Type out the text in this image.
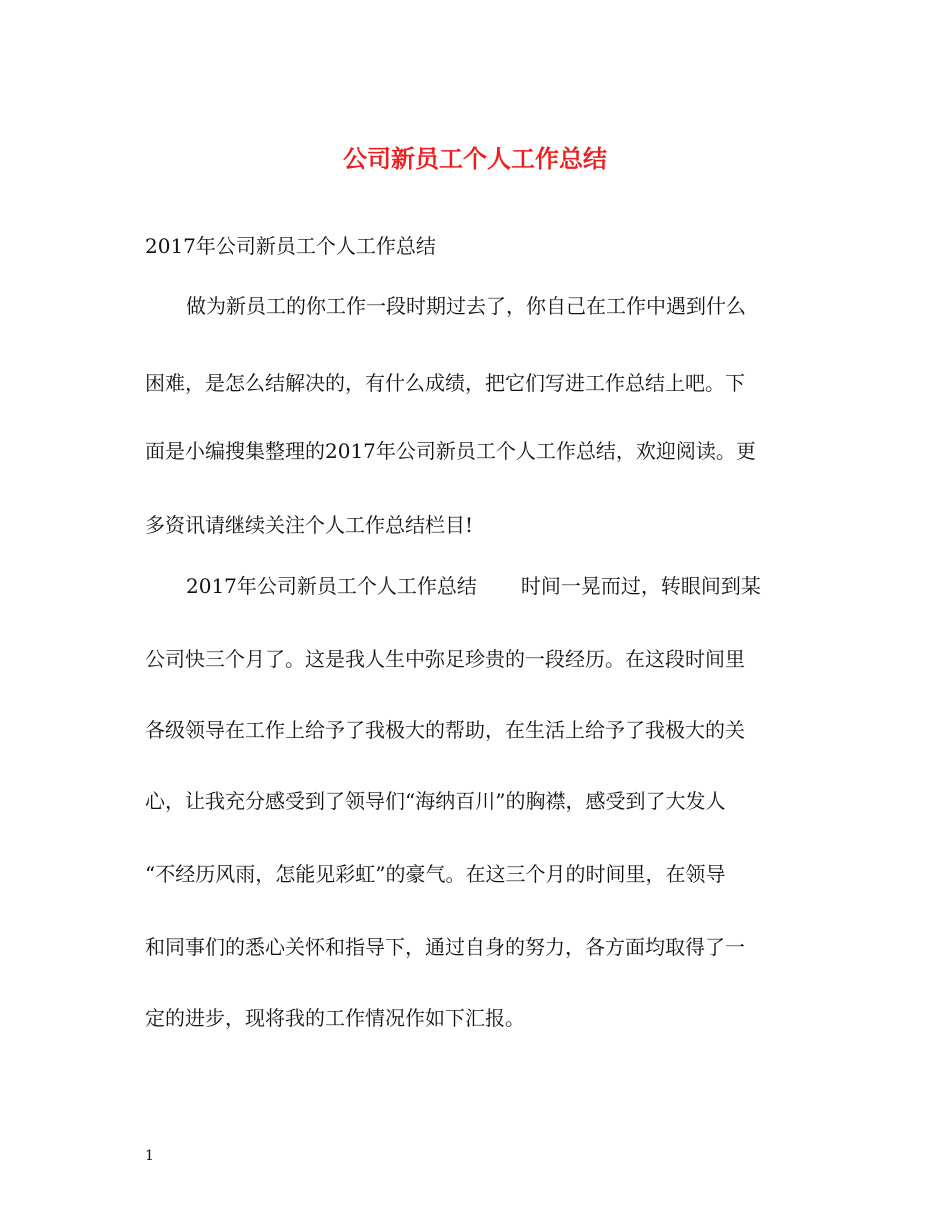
公司新员工个人工作总结

2017年公司新员工个人工作总结

做为新员工的你工作一段时期过去了，你自己在工作中遇到什么

困难，是怎么结解决的，有什么成绩，把它们写进工作总结上吧。下

面是小编搜集整理的2017年公司新员工个人工作总结，欢迎阅读。更

多资讯请继续关注个人工作总结栏目!

2017年公司新员工个人工作总结 时间一晃而过，转眼间到某

公司快三个月了。这是我人生中弥足珍贵的一段经历。在这段时间里

各级领导在工作上给予了我极大的帮助，在生活上给予了我极大的关

心，让我充分感受到了领导们“海纳百川”的胸襟，感受到了大发人

“不经历风雨，怎能见彩虹”的豪气。在这三个月的时间里，在领导

和同事们的悉心关怀和指导下，通过自身的努力，各方面均取得了一

定的进步，现将我的工作情况作如下汇报。

1
